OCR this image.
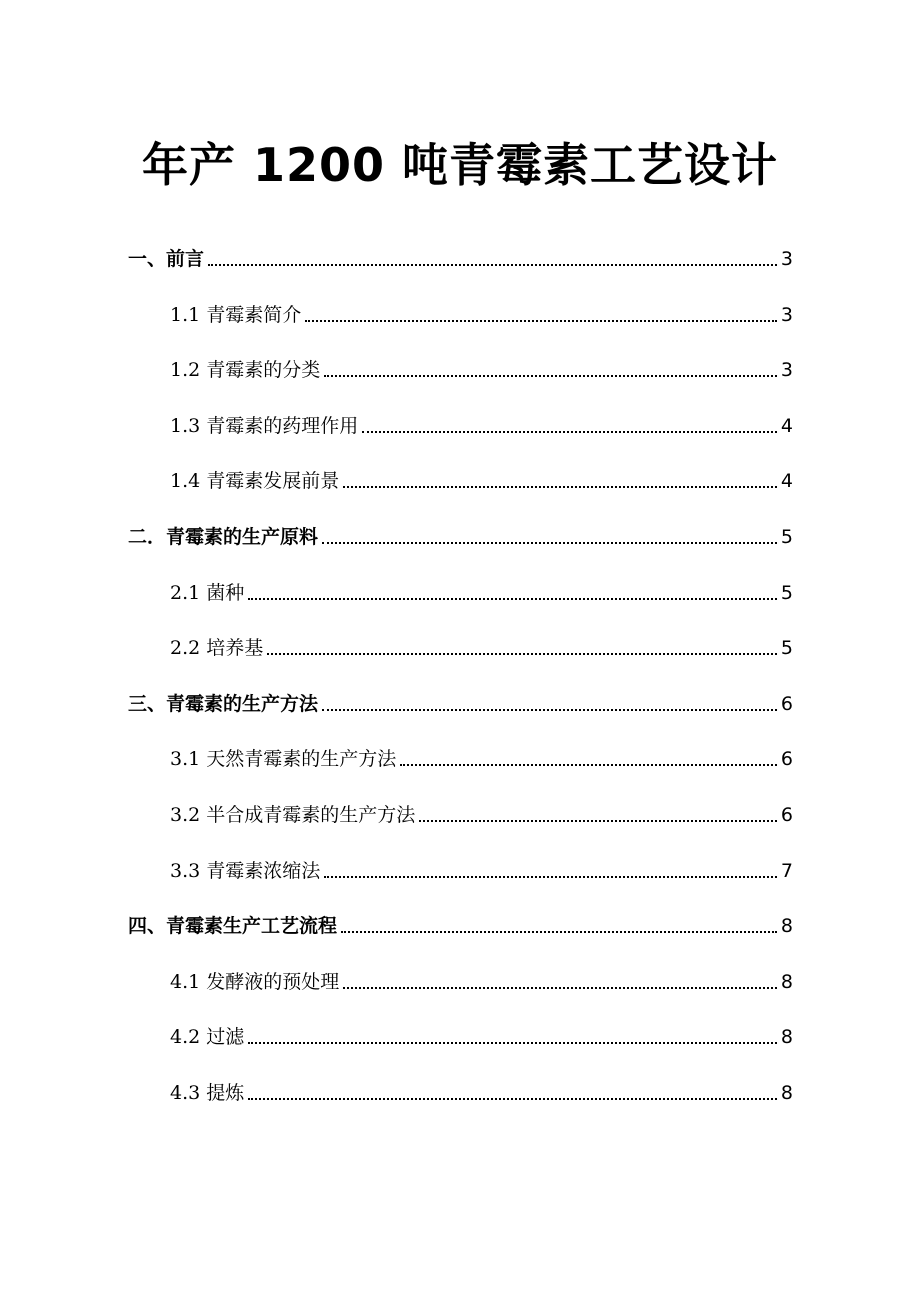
年产 1200 吨青霉素工艺设计
一、前言	3
1.1 青霉素简介	3
1.2 青霉素的分类	3
1.3 青霉素的药理作用	4
1.4 青霉素发展前景	4
二．青霉素的生产原料	5
2.1 菌种	5
2.2 培养基	5
三、青霉素的生产方法	6
3.1 天然青霉素的生产方法	6
3.2 半合成青霉素的生产方法	6
3.3 青霉素浓缩法	7
四、青霉素生产工艺流程	8
4.1 发酵液的预处理	8
4.2 过滤	8
4.3 提炼	8
